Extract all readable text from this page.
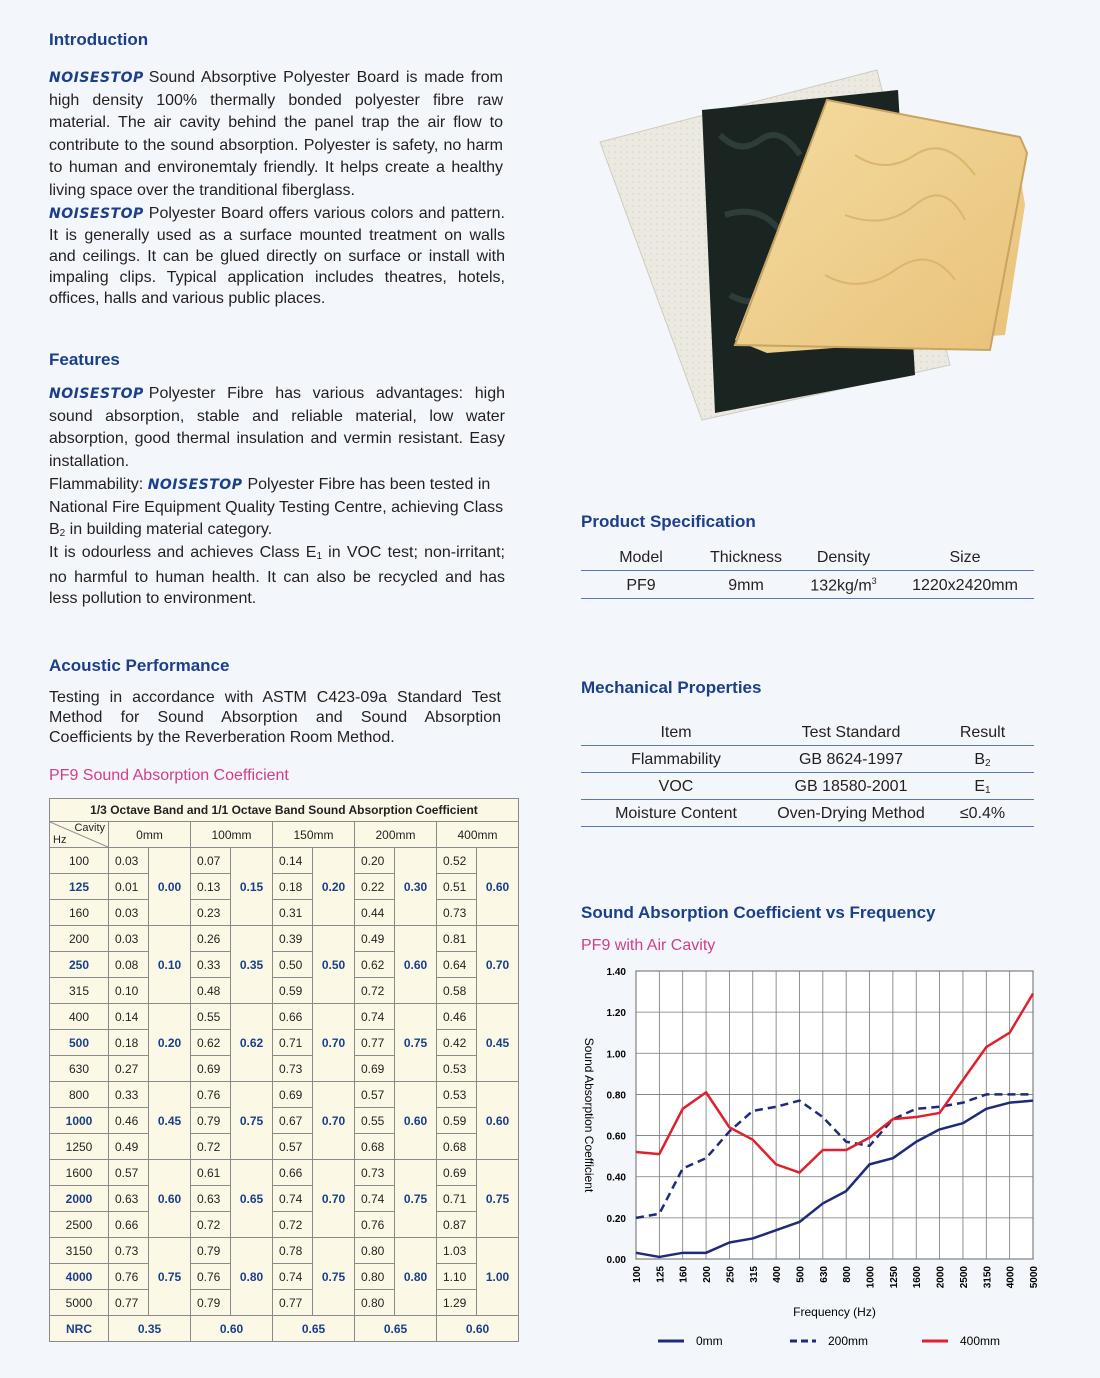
Introduction
NOISESTOP Sound Absorptive Polyester Board is made from high density 100% thermally bonded polyester fibre raw material. The air cavity behind the panel trap the air flow to contribute to the sound absorption. Polyester is safety, no harm to human and environemtaly friendly. It helps create a healthy living space over the tranditional fiberglass.
NOISESTOP Polyester Board offers various colors and pattern. It is generally used as a surface mounted treatment on walls and ceilings. It can be glued directly on surface or install with impaling clips. Typical application includes theatres, hotels, offices, halls and various public places.
Features
NOISESTOP Polyester Fibre has various advantages: high sound absorption, stable and reliable material, low water absorption, good thermal insulation and vermin resistant. Easy installation.
Flammability: NOISESTOP Polyester Fibre has been tested in National Fire Equipment Quality Testing Centre, achieving Class B2 in building material category.
It is odourless and achieves Class E1 in VOC test; non-irritant; no harmful to human health. It can also be recycled and has less pollution to environment.
Acoustic Performance
Testing in accordance with ASTM C423-09a Standard Test Method for Sound Absorption and Sound Absorption Coefficients by the Reverberation Room Method.
PF9 Sound Absorption Coefficient
1/3 Octave Band and 1/1 Octave Band Sound Absorption Coefficient										

Cavity
Hz	0mm		100mm		150mm		200mm		400mm	
100	0.03	0.00	0.07	0.15	0.14	0.20	0.20	0.30	0.52	0.60
125	0.01		0.13		0.18		0.22		0.51	
160	0.03		0.23		0.31		0.44		0.73	
200	0.03	0.10	0.26	0.35	0.39	0.50	0.49	0.60	0.81	0.70
250	0.08		0.33		0.50		0.62		0.64	
315	0.10		0.48		0.59		0.72		0.58	
400	0.14	0.20	0.55	0.62	0.66	0.70	0.74	0.75	0.46	0.45
500	0.18		0.62		0.71		0.77		0.42	
630	0.27		0.69		0.73		0.69		0.53	
800	0.33	0.45	0.76	0.75	0.69	0.70	0.57	0.60	0.53	0.60
1000	0.46		0.79		0.67		0.55		0.59	
1250	0.49		0.72		0.57		0.68		0.68	
1600	0.57	0.60	0.61	0.65	0.66	0.70	0.73	0.75	0.69	0.75
2000	0.63		0.63		0.74		0.74		0.71	
2500	0.66		0.72		0.72		0.76		0.87	
3150	0.73	0.75	0.79	0.80	0.78	0.75	0.80	0.80	1.03	1.00
4000	0.76		0.76		0.74		0.80		1.10	
5000	0.77		0.79		0.77		0.80		1.29	
NRC	0.35		0.60		0.65		0.65		0.60	
Product Specification
Model	Thickness	Density	Size
PF9	9mm	$132kg/m^3$	1220x2420mm
Mechanical Properties
Item	Test Standard	Result
Flammability	GB 8624-1997	B2
VOC	GB 18580-2001	E1
Moisture Content	Oven-Drying Method	≤0.4%
Sound Absorption Coefficient vs Frequency
PF9 with Air Cavity
100 125 160 200 250 315 400 500 630 800 1000 1250 1600 2000 2500 3150 4000 5000
0.00
0.20
0.40
0.60
0.80
1.00
1.20
1.40
Sound Absorption Coefficient
Frequency (Hz)
0mm	200mm	400mm
